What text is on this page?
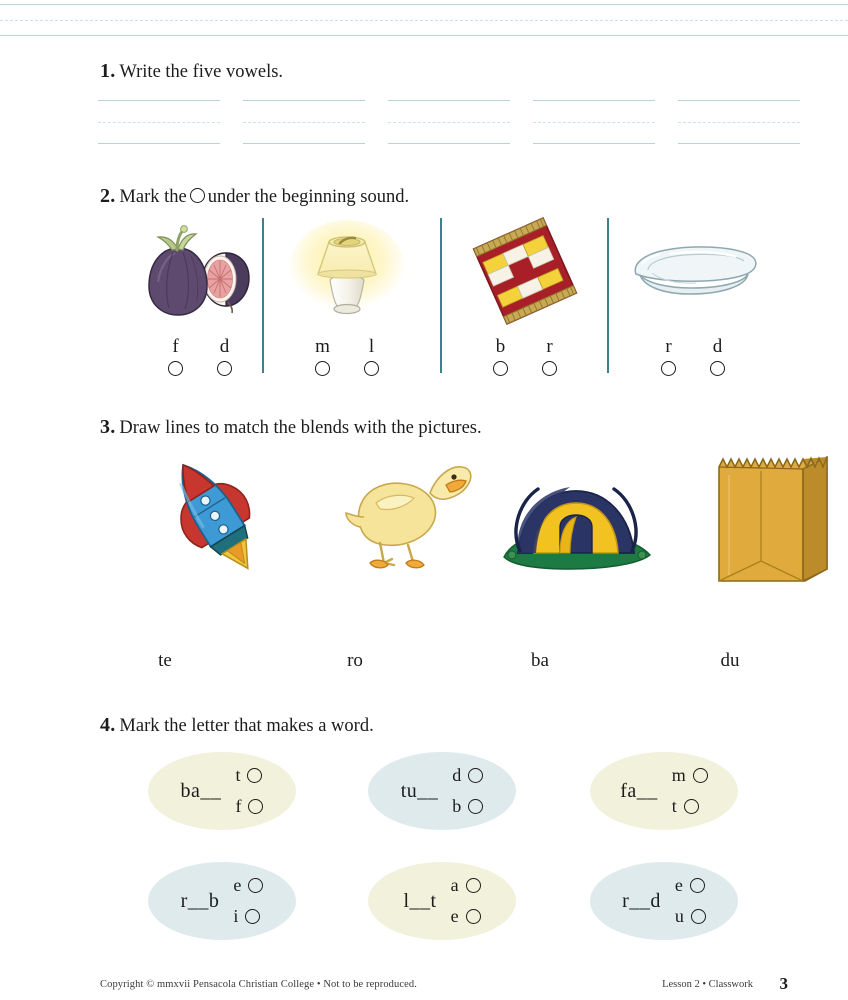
1. Write the five vowels.
2. Mark the under the beginning sound.
f d	m l	b r	r d
3. Draw lines to match the blends with the pictures.
te	ro	ba	du
4. Mark the letter that makes a word.
ba__
t
f
tu__
d
b
fa__
m
t
r__b
e
i
l__t
a
e
r__d
e
u
Copyright © mmxvii Pensacola Christian College • Not to be reproduced.	Lesson 2 • Classwork 3
